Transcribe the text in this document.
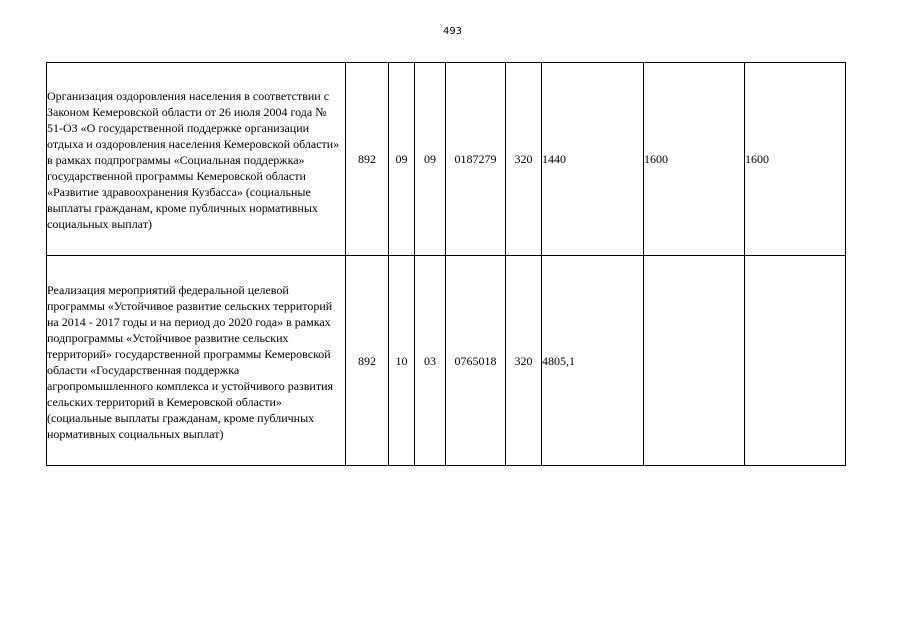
493
Организация оздоровления населения в соответствии с Законом Кемеровской области от 26 июля 2004 года № 51-ОЗ «О государственной поддержке организации отдыха и оздоровления населения Кемеровской области» в рамках подпрограммы «Социальная поддержка» государственной программы Кемеровской области «Развитие здравоохранения Кузбасса» (социальные выплаты гражданам, кроме публичных нормативных социальных выплат)	892	09	09	0187279	320	1440	1600	1600
Реализация мероприятий федеральной целевой программы «Устойчивое развитие сельских территорий на 2014 - 2017 годы и на период до 2020 года» в рамках подпрограммы «Устойчивое развитие сельских территорий» государственной программы Кемеровской области «Государственная поддержка агропромышленного комплекса и устойчивого развития сельских территорий в Кемеровской области» (социальные выплаты гражданам, кроме публичных нормативных социальных выплат)	892	10	03	0765018	320	4805,1		
